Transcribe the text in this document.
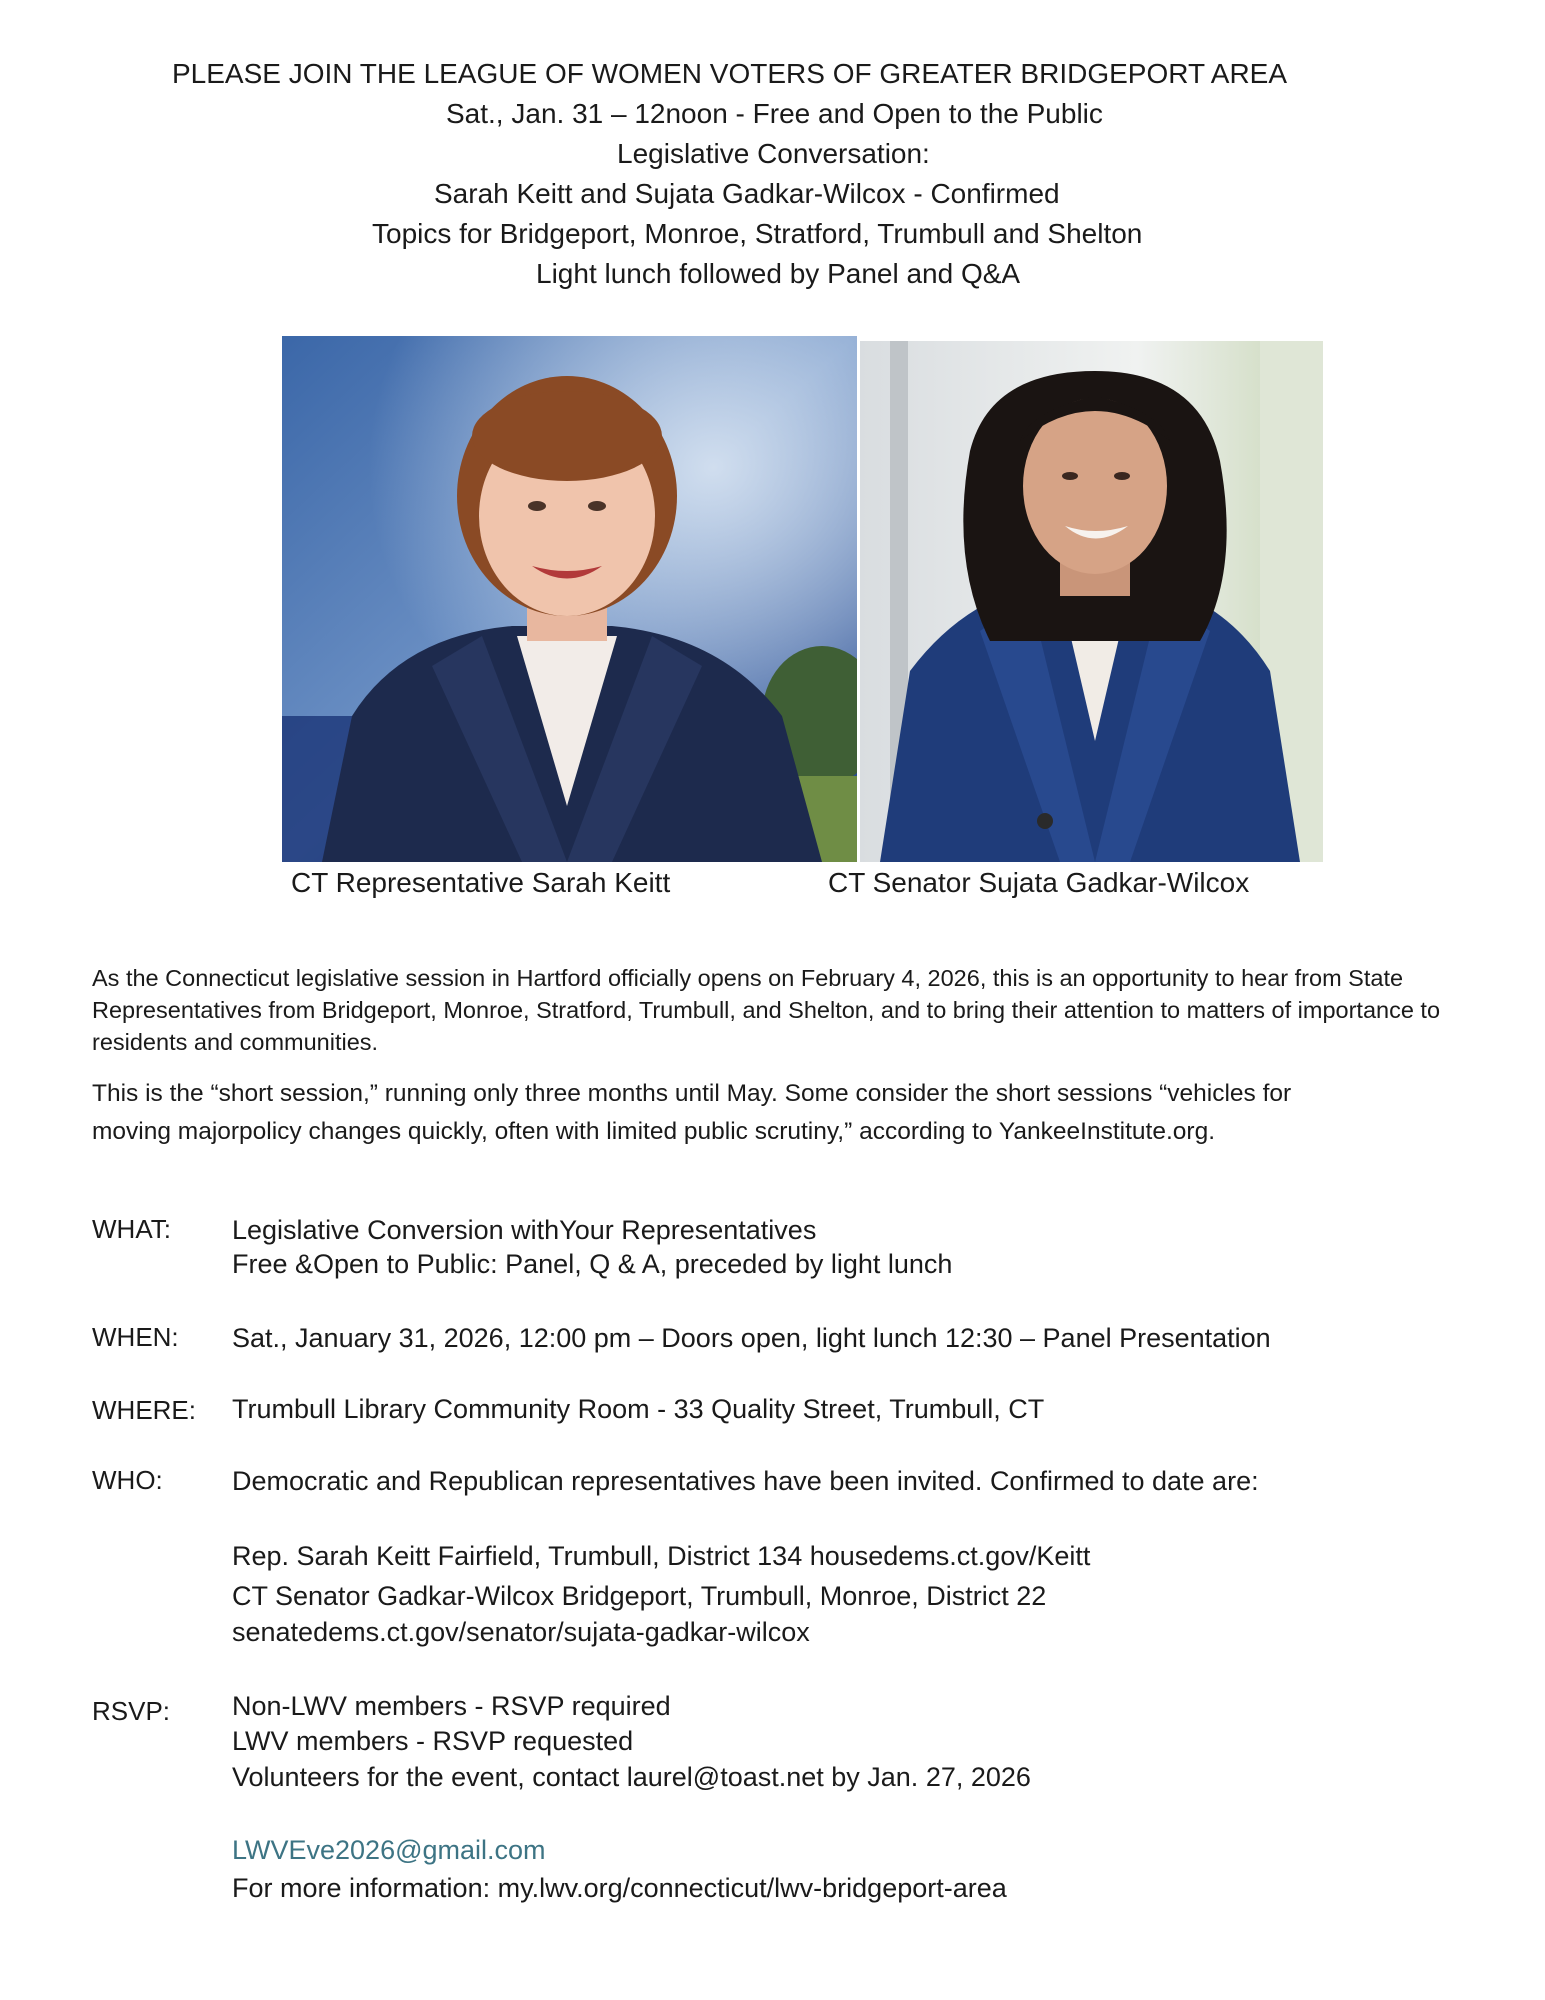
PLEASE JOIN THE LEAGUE OF WOMEN VOTERS OF GREATER BRIDGEPORT AREA
Sat., Jan. 31 – 12noon - Free and Open to the Public
Legislative Conversation:
Sarah Keitt and Sujata Gadkar-Wilcox - Confirmed
Topics for Bridgeport, Monroe, Stratford, Trumbull and Shelton
Light lunch followed by Panel and Q&A
CT Representative Sarah Keitt	CT Senator Sujata Gadkar-Wilcox
As the Connecticut legislative session in Hartford officially opens on February 4, 2026, this is an opportunity to hear from State Representatives from Bridgeport, Monroe, Stratford, Trumbull, and Shelton, and to bring their attention to matters of importance to residents and communities.
This is the “short session,” running only three months until May. Some consider the short sessions “vehicles for
moving majorpolicy changes quickly, often with limited public scrutiny,” according to YankeeInstitute.org.
WHAT: Legislative Conversion withYour Representatives
Free &Open to Public: Panel, Q & A, preceded by light lunch
WHEN: Sat., January 31, 2026, 12:00 pm – Doors open, light lunch 12:30 – Panel Presentation
WHERE: Trumbull Library Community Room - 33 Quality Street, Trumbull, CT
WHO:	Democratic and Republican representatives have been invited. Confirmed to date are:
Rep. Sarah Keitt Fairfield, Trumbull, District 134 housedems.ct.gov/Keitt
CT Senator Gadkar-Wilcox Bridgeport, Trumbull, Monroe, District 22
senatedems.ct.gov/senator/sujata-gadkar-wilcox
RSVP: Non-LWV members - RSVP required
LWV members - RSVP requested
Volunteers for the event, contact laurel@toast.net by Jan. 27, 2026
LWVEve2026@gmail.com
For more information: my.lwv.org/connecticut/lwv-bridgeport-area
